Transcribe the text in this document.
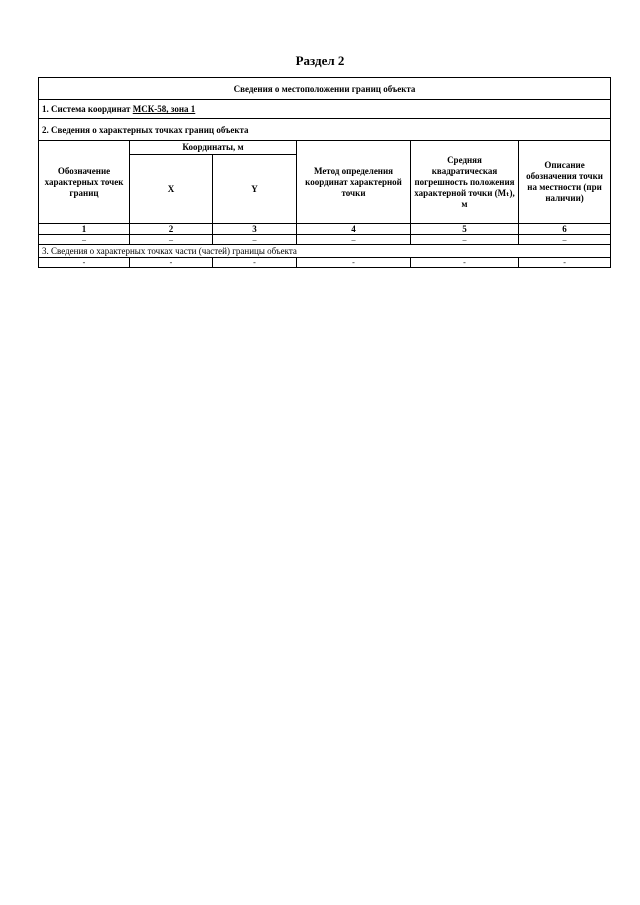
Раздел 2
Сведения о местоположении границ объекта					
1. Система координат МСК-58, зона 1					
2. Сведения о характерных точках границ объекта					
Обозначение характерных точек границ	Координаты, м		Метод определения координат характерной точки	Средняя квадратическая погрешность положения характерной точки (Mₜ), м	Описание обозначения точки на местности (при наличии)
	X	Y			
1	2	3	4	5	6
–	–	–	–	–	–
3. Сведения о характерных точках части (частей) границы объекта					
-	-	-	-	-	-
